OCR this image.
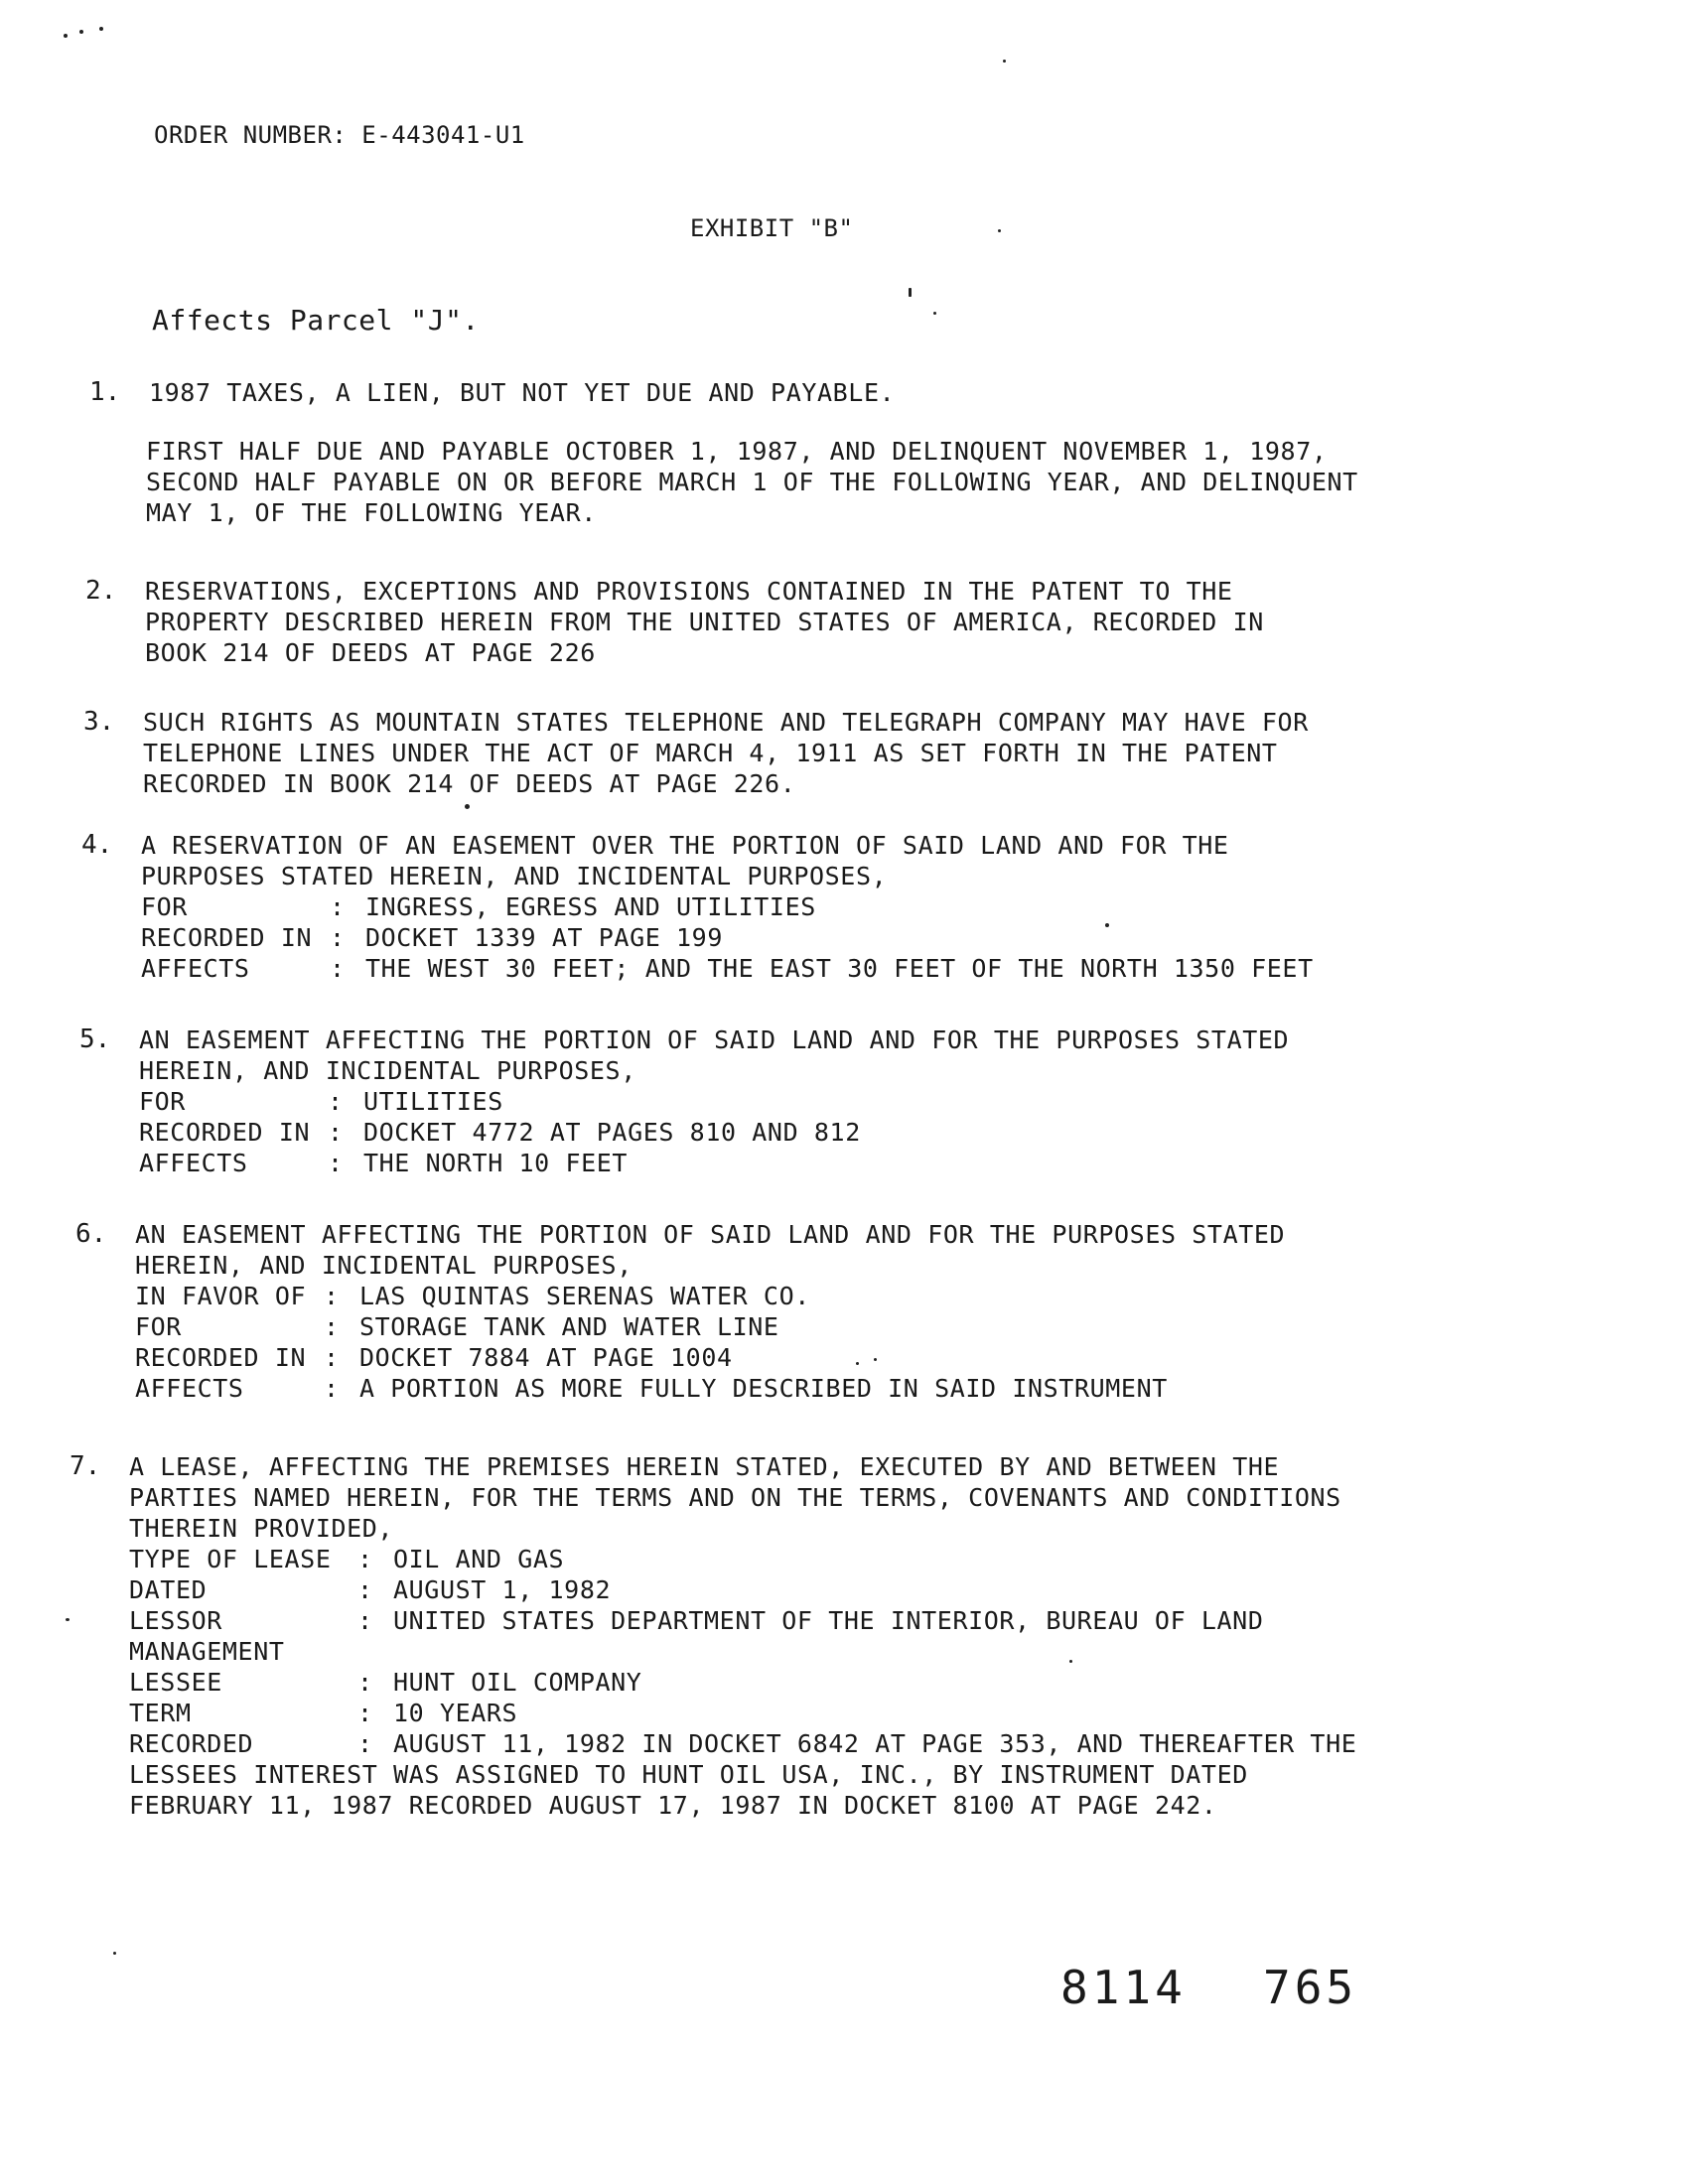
ORDER NUMBER: E-443041-U1
EXHIBIT "B"
Affects Parcel "J".
1. 1987 TAXES, A LIEN, BUT NOT YET DUE AND PAYABLE.
FIRST HALF DUE AND PAYABLE OCTOBER 1, 1987, AND DELINQUENT NOVEMBER 1, 1987,
SECOND HALF PAYABLE ON OR BEFORE MARCH 1 OF THE FOLLOWING YEAR, AND DELINQUENT
MAY 1, OF THE FOLLOWING YEAR.
2. RESERVATIONS, EXCEPTIONS AND PROVISIONS CONTAINED IN THE PATENT TO THE
PROPERTY DESCRIBED HEREIN FROM THE UNITED STATES OF AMERICA, RECORDED IN
BOOK 214 OF DEEDS AT PAGE 226
3. SUCH RIGHTS AS MOUNTAIN STATES TELEPHONE AND TELEGRAPH COMPANY MAY HAVE FOR
TELEPHONE LINES UNDER THE ACT OF MARCH 4, 1911 AS SET FORTH IN THE PATENT
RECORDED IN BOOK 214 OF DEEDS AT PAGE 226.
4. A RESERVATION OF AN EASEMENT OVER THE PORTION OF SAID LAND AND FOR THE
PURPOSES STATED HEREIN, AND INCIDENTAL PURPOSES,
FOR	: INGRESS, EGRESS AND UTILITIES
RECORDED IN : DOCKET 1339 AT PAGE 199
AFFECTS	: THE WEST 30 FEET; AND THE EAST 30 FEET OF THE NORTH 1350 FEET
5. AN EASEMENT AFFECTING THE PORTION OF SAID LAND AND FOR THE PURPOSES STATED
HEREIN, AND INCIDENTAL PURPOSES,
FOR	: UTILITIES
RECORDED IN : DOCKET 4772 AT PAGES 810 AND 812
AFFECTS	: THE NORTH 10 FEET
6. AN EASEMENT AFFECTING THE PORTION OF SAID LAND AND FOR THE PURPOSES STATED
HEREIN, AND INCIDENTAL PURPOSES,
IN FAVOR OF : LAS QUINTAS SERENAS WATER CO.
FOR	: STORAGE TANK AND WATER LINE
RECORDED IN : DOCKET 7884 AT PAGE 1004
AFFECTS	: A PORTION AS MORE FULLY DESCRIBED IN SAID INSTRUMENT
7. A LEASE, AFFECTING THE PREMISES HEREIN STATED, EXECUTED BY AND BETWEEN THE
PARTIES NAMED HEREIN, FOR THE TERMS AND ON THE TERMS, COVENANTS AND CONDITIONS
THEREIN PROVIDED,
TYPE OF LEASE	: OIL AND GAS
DATED	: AUGUST 1, 1982
LESSOR	: UNITED STATES DEPARTMENT OF THE INTERIOR, BUREAU OF LAND
MANAGEMENT
LESSEE	: HUNT OIL COMPANY
TERM	: 10 YEARS
RECORDED	: AUGUST 11, 1982 IN DOCKET 6842 AT PAGE 353, AND THEREAFTER THE
LESSEES INTEREST WAS ASSIGNED TO HUNT OIL USA, INC., BY INSTRUMENT DATED
FEBRUARY 11, 1987 RECORDED AUGUST 17, 1987 IN DOCKET 8100 AT PAGE 242.
8114 765
